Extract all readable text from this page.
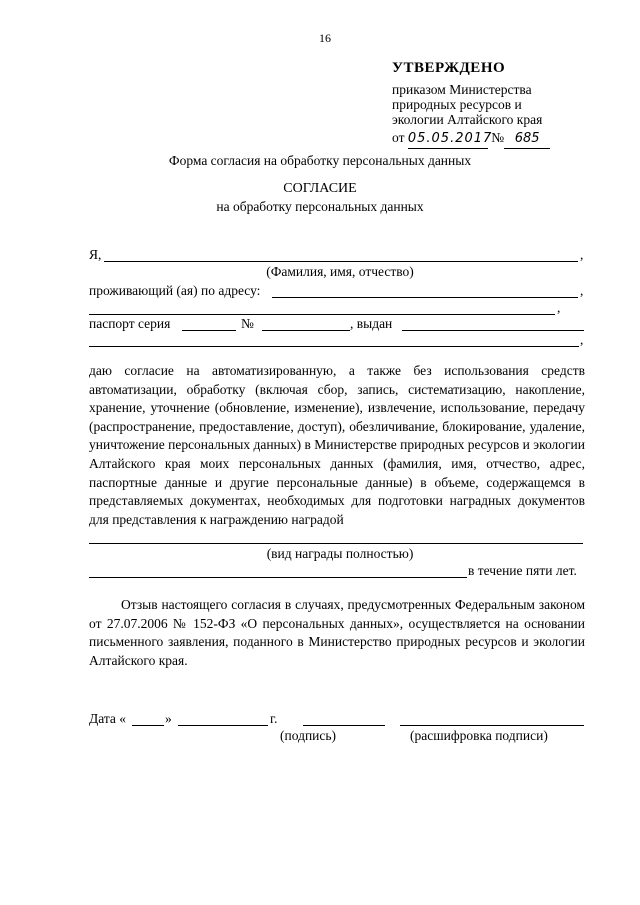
16
УТВЕРЖДЕНО
приказом Министерства
природных ресурсов и
экологии Алтайского края
от 05.05.2017 № 685
Форма согласия на обработку персональных данных
СОГЛАСИЕ
на обработку персональных данных
Я,	,
(Фамилия, имя, отчество)
проживающий (ая) по адресу:	,
,
паспорт серия	№	, выдан
,
даю согласие на автоматизированную, а также без использования средств автоматизации, обработку (включая сбор, запись, систематизацию, накопление, хранение, уточнение (обновление, изменение), извлечение, использование, передачу (распространение, предоставление, доступ), обезличивание, блокирование, удаление, уничтожение персональных данных) в Министерстве природных ресурсов и экологии Алтайского края моих персональных данных (фамилия, имя, отчество, адрес, паспортные данные и другие персональные данные) в объеме, содержащемся в представляемых документах, необходимых для подготовки наградных документов для представления к награждению наградой
(вид награды полностью)
в течение пяти лет.
Отзыв настоящего согласия в случаях, предусмотренных Федеральным законом от 27.07.2006 № 152-ФЗ «О персональных данных», осуществляется на основании письменного заявления, поданного в Министерство природных ресурсов и экологии Алтайского края.
Дата «	»	г.
(подпись)	(расшифровка подписи)
